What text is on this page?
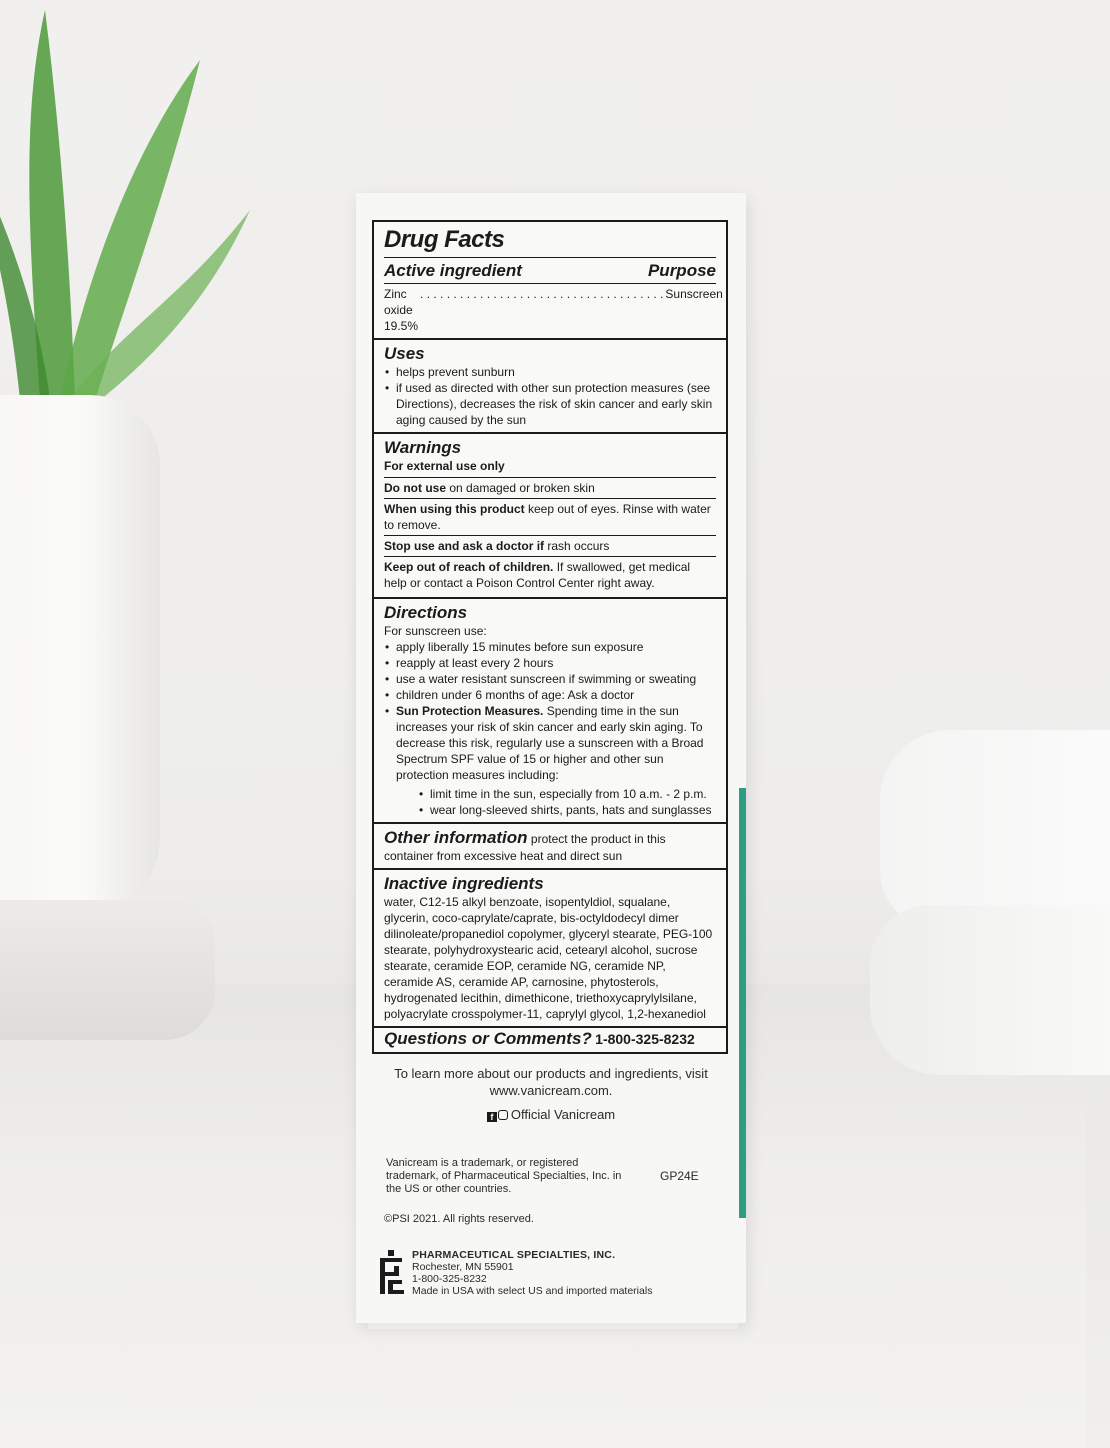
Drug Facts
Active ingredient	Purpose
Zinc oxide 19.5%
. . . . . . . . . . . . . . . . . . . . . . . . . . . . . . . . . . . . . Sunscreen
Uses
• helps prevent sunburn
• if used as directed with other sun protection measures (see Directions), decreases the risk of skin cancer and early skin aging caused by the sun
Warnings
For external use only
Do not use on damaged or broken skin
When using this product keep out of eyes. Rinse with water to remove.
Stop use and ask a doctor if rash occurs
Keep out of reach of children. If swallowed, get medical help or contact a Poison Control Center right away.
Directions
For sunscreen use:
• apply liberally 15 minutes before sun exposure
• reapply at least every 2 hours
• use a water resistant sunscreen if swimming or sweating
• children under 6 months of age: Ask a doctor
• Sun Protection Measures. Spending time in the sun increases your risk of skin cancer and early skin aging. To decrease this risk, regularly use a sunscreen with a Broad Spectrum SPF value of 15 or higher and other sun protection measures including:
• limit time in the sun, especially from 10 a.m. - 2 p.m.
• wear long-sleeved shirts, pants, hats and sunglasses
Other information protect the product in this container from excessive heat and direct sun
Inactive ingredients
water, C12-15 alkyl benzoate, isopentyldiol, squalane, glycerin, coco-caprylate/caprate, bis-octyldodecyl dimer dilinoleate/propanediol copolymer, glyceryl stearate, PEG-100 stearate, polyhydroxystearic acid, cetearyl alcohol, sucrose stearate, ceramide EOP, ceramide NG, ceramide NP, ceramide AS, ceramide AP, carnosine, phytosterols, hydrogenated lecithin, dimethicone, triethoxycaprylylsilane, polyacrylate crosspolymer-11, caprylyl glycol, 1,2-hexanediol
Questions or Comments? 1-800-325-8232
To learn more about our products and ingredients, visit www.vanicream.com.
f Official Vanicream
Vanicream is a trademark, or registered trademark, of Pharmaceutical Specialties, Inc. in the US or other countries.
GP24E
©PSI 2021. All rights reserved.
PHARMACEUTICAL SPECIALTIES, INC.
Rochester, MN 55901
1-800-325-8232
Made in USA with select US and imported materials
